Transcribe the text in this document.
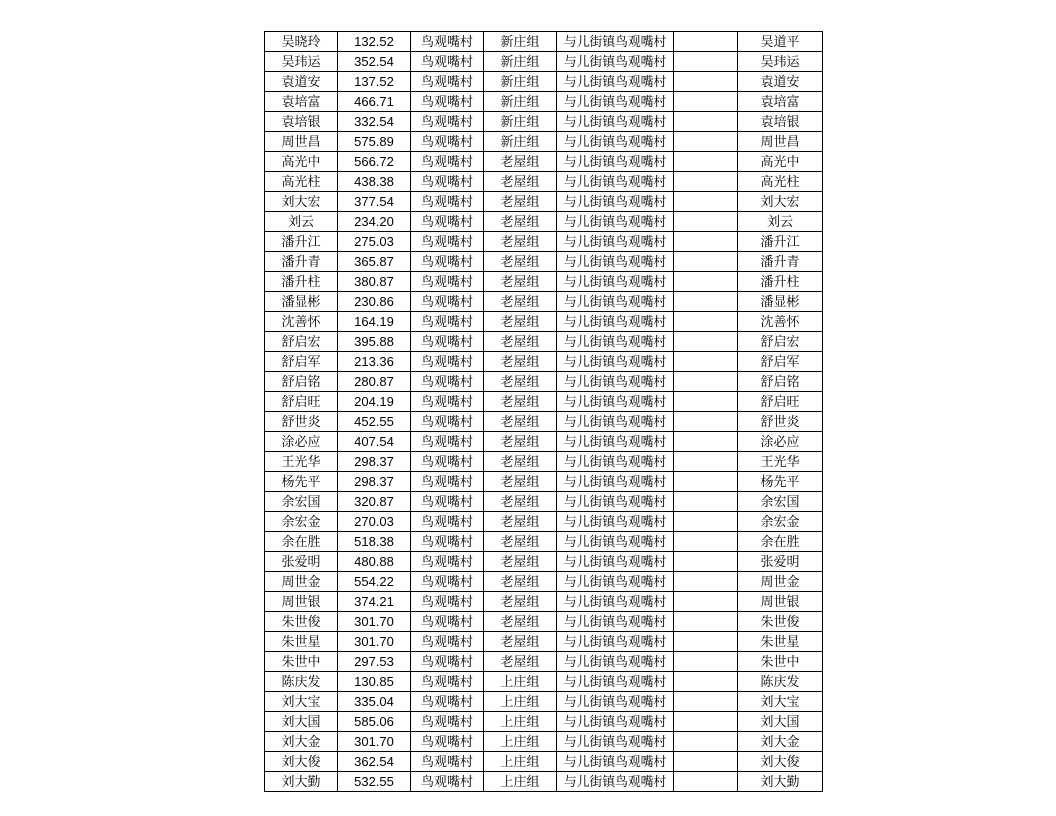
吴晓玲	132.52	鸟观嘴村	新庄组	与儿街镇鸟观嘴村		吴道平
吴玮运	352.54	鸟观嘴村	新庄组	与儿街镇鸟观嘴村		吴玮运
袁道安	137.52	鸟观嘴村	新庄组	与儿街镇鸟观嘴村		袁道安
袁培富	466.71	鸟观嘴村	新庄组	与儿街镇鸟观嘴村		袁培富
袁培银	332.54	鸟观嘴村	新庄组	与儿街镇鸟观嘴村		袁培银
周世昌	575.89	鸟观嘴村	新庄组	与儿街镇鸟观嘴村		周世昌
高光中	566.72	鸟观嘴村	老屋组	与儿街镇鸟观嘴村		高光中
高光柱	438.38	鸟观嘴村	老屋组	与儿街镇鸟观嘴村		高光柱
刘大宏	377.54	鸟观嘴村	老屋组	与儿街镇鸟观嘴村		刘大宏
刘云	234.20	鸟观嘴村	老屋组	与儿街镇鸟观嘴村		刘云
潘升江	275.03	鸟观嘴村	老屋组	与儿街镇鸟观嘴村		潘升江
潘升青	365.87	鸟观嘴村	老屋组	与儿街镇鸟观嘴村		潘升青
潘升柱	380.87	鸟观嘴村	老屋组	与儿街镇鸟观嘴村		潘升柱
潘显彬	230.86	鸟观嘴村	老屋组	与儿街镇鸟观嘴村		潘显彬
沈善怀	164.19	鸟观嘴村	老屋组	与儿街镇鸟观嘴村		沈善怀
舒启宏	395.88	鸟观嘴村	老屋组	与儿街镇鸟观嘴村		舒启宏
舒启军	213.36	鸟观嘴村	老屋组	与儿街镇鸟观嘴村		舒启军
舒启铭	280.87	鸟观嘴村	老屋组	与儿街镇鸟观嘴村		舒启铭
舒启旺	204.19	鸟观嘴村	老屋组	与儿街镇鸟观嘴村		舒启旺
舒世炎	452.55	鸟观嘴村	老屋组	与儿街镇鸟观嘴村		舒世炎
涂必应	407.54	鸟观嘴村	老屋组	与儿街镇鸟观嘴村		涂必应
王光华	298.37	鸟观嘴村	老屋组	与儿街镇鸟观嘴村		王光华
杨先平	298.37	鸟观嘴村	老屋组	与儿街镇鸟观嘴村		杨先平
余宏国	320.87	鸟观嘴村	老屋组	与儿街镇鸟观嘴村		余宏国
余宏金	270.03	鸟观嘴村	老屋组	与儿街镇鸟观嘴村		余宏金
余在胜	518.38	鸟观嘴村	老屋组	与儿街镇鸟观嘴村		余在胜
张爱明	480.88	鸟观嘴村	老屋组	与儿街镇鸟观嘴村		张爱明
周世金	554.22	鸟观嘴村	老屋组	与儿街镇鸟观嘴村		周世金
周世银	374.21	鸟观嘴村	老屋组	与儿街镇鸟观嘴村		周世银
朱世俊	301.70	鸟观嘴村	老屋组	与儿街镇鸟观嘴村		朱世俊
朱世星	301.70	鸟观嘴村	老屋组	与儿街镇鸟观嘴村		朱世星
朱世中	297.53	鸟观嘴村	老屋组	与儿街镇鸟观嘴村		朱世中
陈庆发	130.85	鸟观嘴村	上庄组	与儿街镇鸟观嘴村		陈庆发
刘大宝	335.04	鸟观嘴村	上庄组	与儿街镇鸟观嘴村		刘大宝
刘大国	585.06	鸟观嘴村	上庄组	与儿街镇鸟观嘴村		刘大国
刘大金	301.70	鸟观嘴村	上庄组	与儿街镇鸟观嘴村		刘大金
刘大俊	362.54	鸟观嘴村	上庄组	与儿街镇鸟观嘴村		刘大俊
刘大勤	532.55	鸟观嘴村	上庄组	与儿街镇鸟观嘴村		刘大勤
